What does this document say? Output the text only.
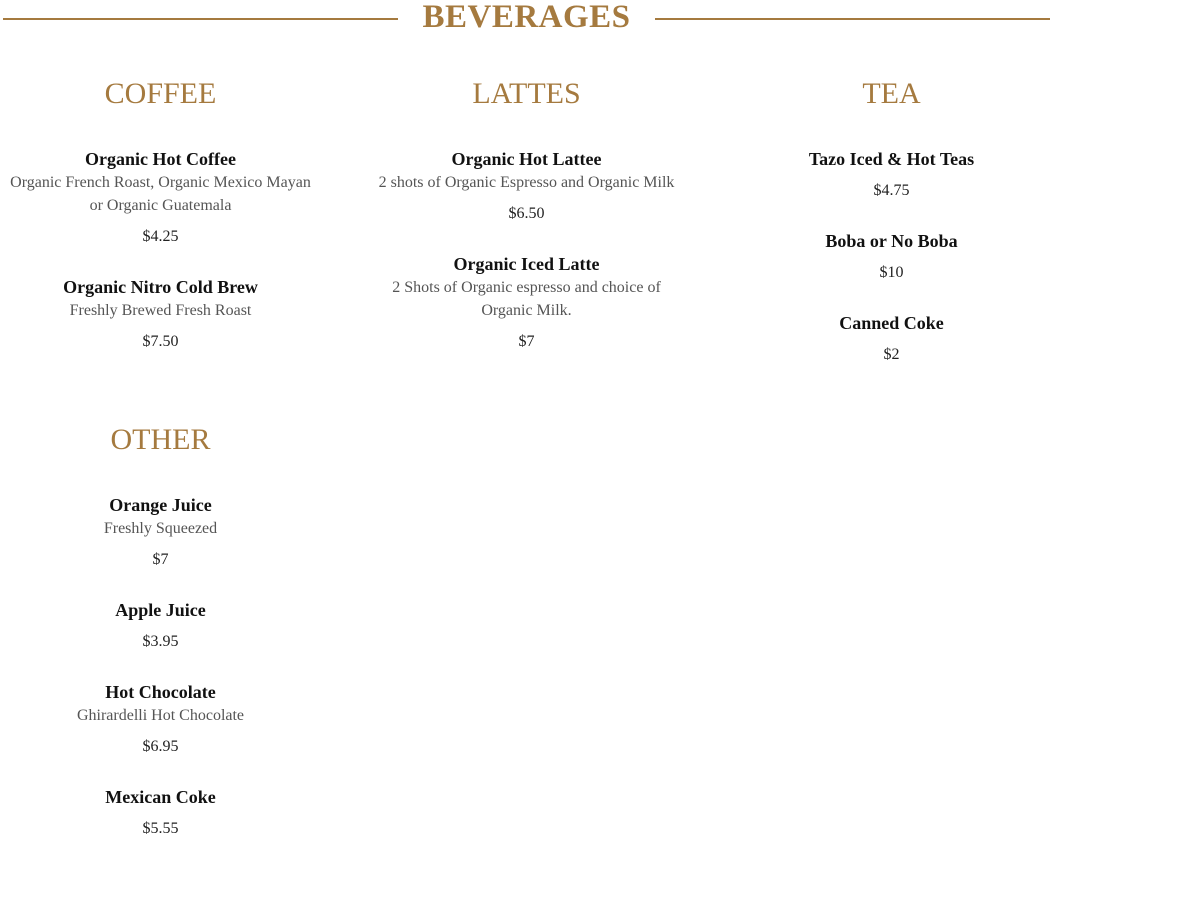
BEVERAGES
COFFEE
Organic Hot Coffee
Organic French Roast, Organic Mexico Mayan or Organic Guatemala
$4.25
Organic Nitro Cold Brew
Freshly Brewed Fresh Roast
$7.50
LATTES
Organic Hot Lattee
2 shots of Organic Espresso and Organic Milk
$6.50
Organic Iced Latte
2 Shots of Organic espresso and choice of Organic Milk.
$7
TEA
Tazo Iced & Hot Teas
$4.75
Boba or No Boba
$10
Canned Coke
$2
OTHER
Orange Juice
Freshly Squeezed
$7
Apple Juice
$3.95
Hot Chocolate
Ghirardelli Hot Chocolate
$6.95
Mexican Coke
$5.55
